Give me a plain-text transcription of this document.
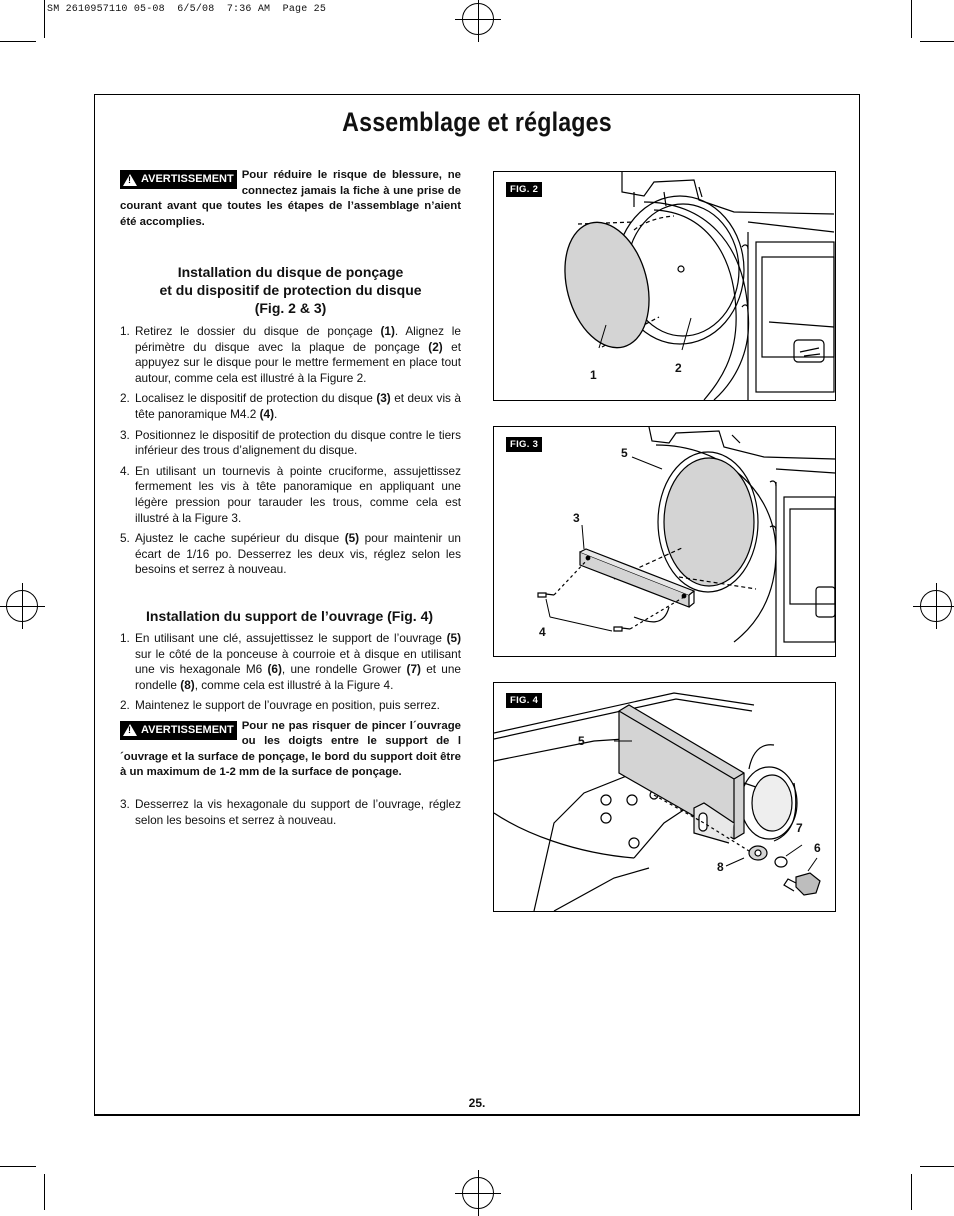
SM 2610957110 05-08  6/5/08  7:36 AM  Page 25
Assemblage et réglages
! AVERTISSEMENT Pour réduire le risque de blessure, ne connectez jamais la fiche à une prise de courant avant que toutes les étapes de l’assemblage n’aient été accomplies.
Installation du disque de ponçage
et du dispositif de protection du disque
(Fig. 2 & 3)
1. Retirez le dossier du disque de ponçage (1). Alignez le périmètre du disque avec la plaque de ponçage (2) et appuyez sur le disque pour le mettre fermement en place tout autour, comme cela est illustré à la Figure 2.
2. Localisez le dispositif de protection du disque (3) et deux vis à tête panoramique M4.2 (4).
3. Positionnez le dispositif de protection du disque contre le tiers inférieur des trous d’alignement du disque.
4. En utilisant un tournevis à pointe cruciforme, assujettissez fermement les vis à tête panoramique en appliquant une légère pression pour tarauder les trous, comme cela est illustré à la Figure 3.
5. Ajustez le cache supérieur du disque (5) pour maintenir un écart de 1/16 po. Desserrez les deux vis, réglez selon les besoins et serrez à nouveau.
Installation du support de l’ouvrage (Fig. 4)
1. En utilisant une clé, assujettissez le support de l’ouvrage (5) sur le côté de la ponceuse à courroie et à disque en utilisant une vis hexagonale M6 (6), une rondelle Grower (7) et une rondelle (8), comme cela est illustré à la Figure 4.
2. Maintenez le support de l’ouvrage en position, puis serrez.
! AVERTISSEMENT Pour ne pas risquer de pincer l´ouvrage ou les doigts entre le support de l´ouvrage et la surface de ponçage, le bord du support doit être à un maximum de 1-2 mm de la surface de ponçage.
3. Desserrez la vis hexagonale du support de l’ouvrage, réglez selon les besoins et serrez à nouveau.
FIG. 2
1	2
FIG. 3
5
3
4
FIG. 4
5
7
6
8
25.
